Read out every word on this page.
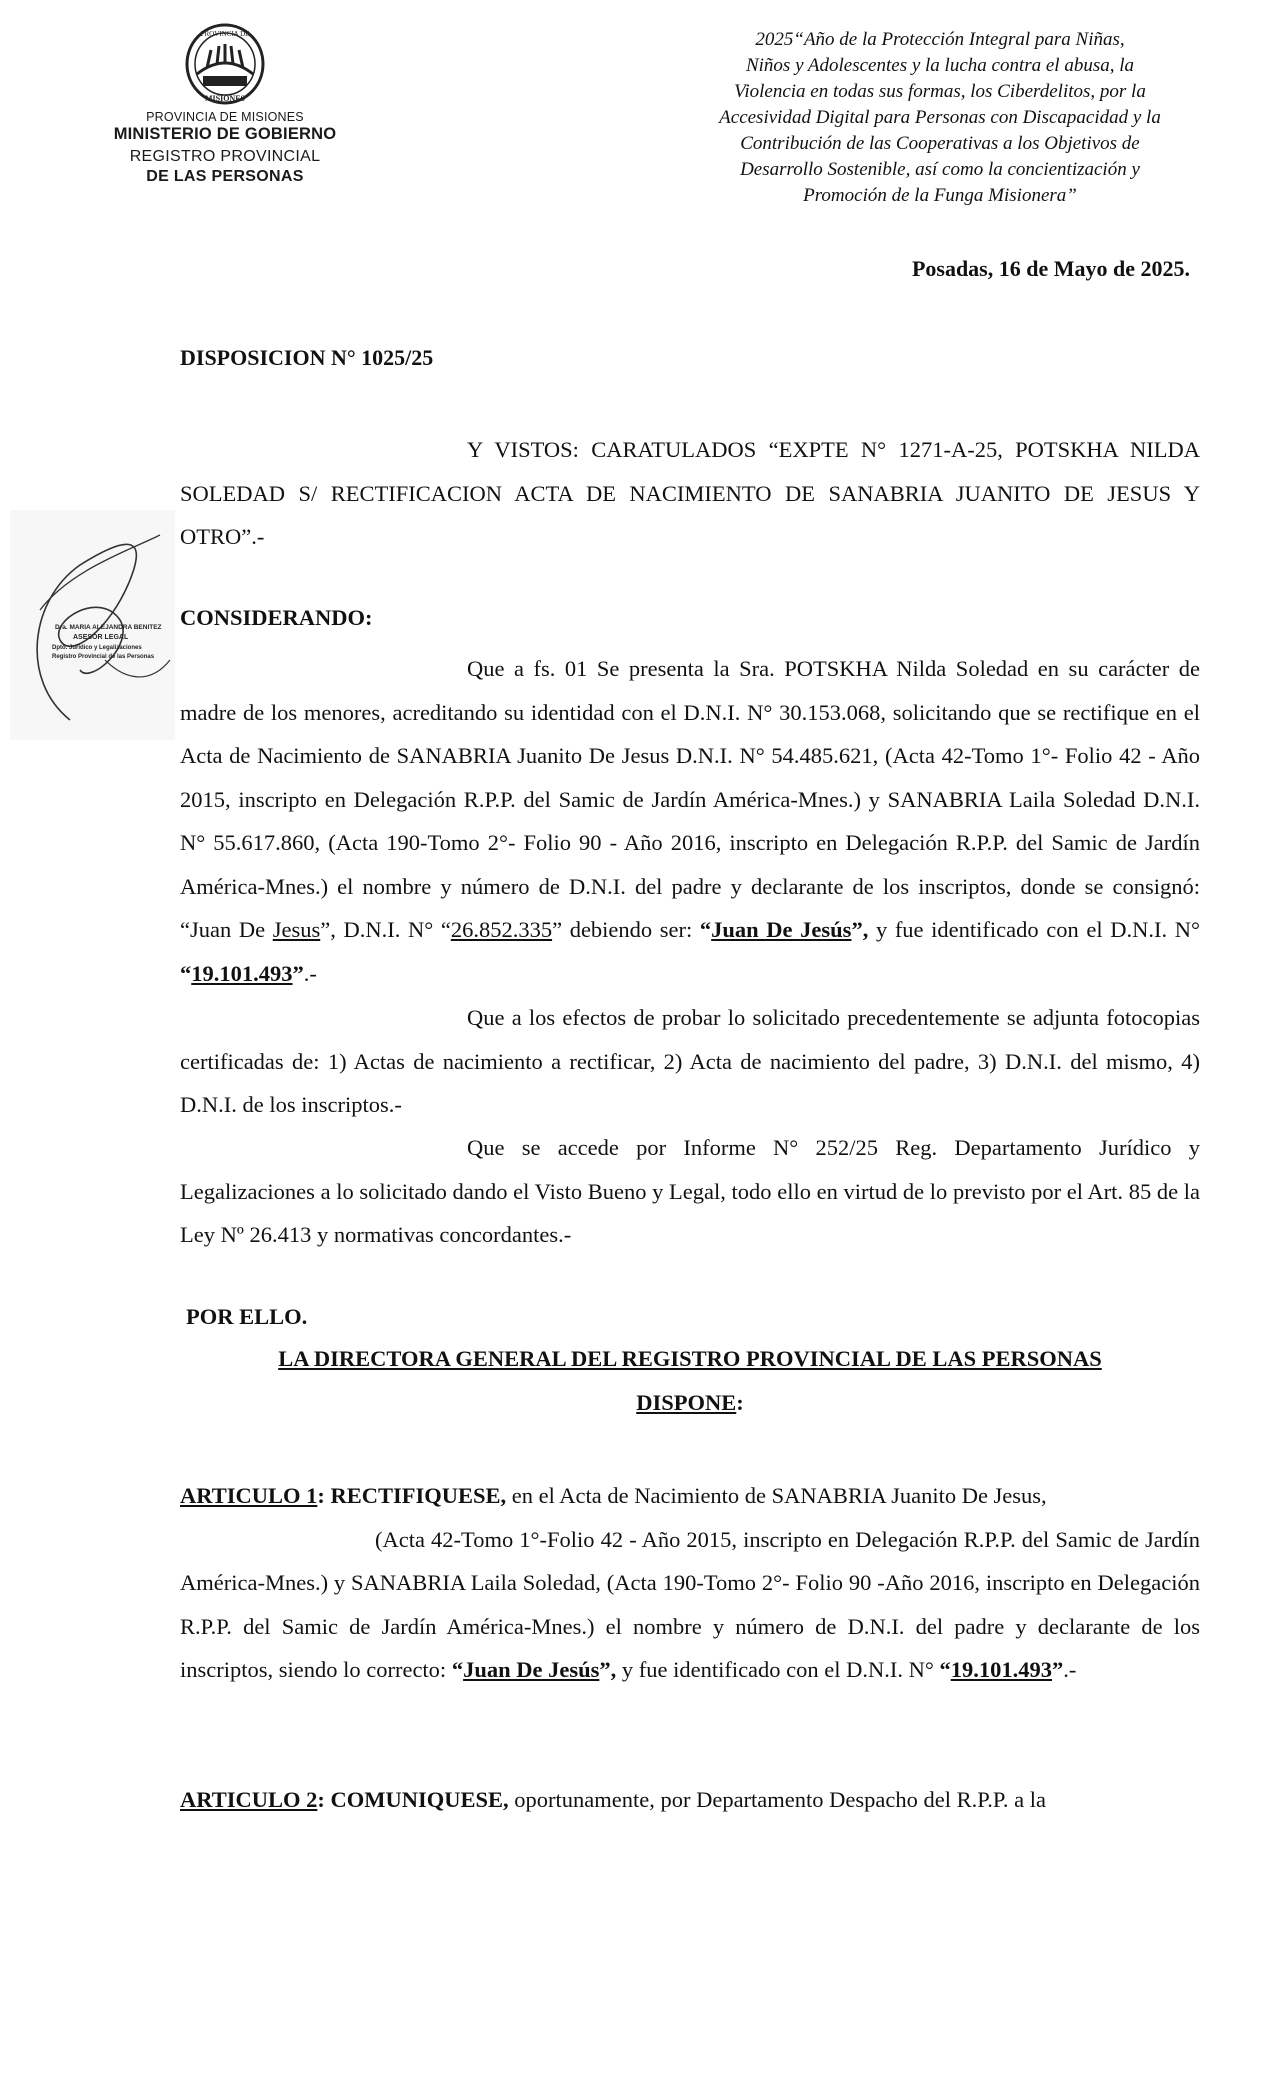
PROVINCIA DE
MISIONES
PROVINCIA DE MISIONES
MINISTERIO DE GOBIERNO
REGISTRO PROVINCIAL
DE LAS PERSONAS
2025“Año de la Protección Integral para Niñas,
Niños y Adolescentes y la lucha contra el abusa, la
Violencia en todas sus formas, los Ciberdelitos, por la
Accesividad Digital para Personas con Discapacidad y la
Contribución de las Cooperativas a los Objetivos de
Desarrollo Sostenible, así como la concientización y
Promoción de la Funga Misionera”
Posadas, 16 de Mayo de 2025.
DISPOSICION N° 1025/25
Y VISTOS: CARATULADOS “EXPTE N° 1271-A-25, POTSKHA NILDA SOLEDAD S/ RECTIFICACION ACTA DE NACIMIENTO DE SANABRIA JUANITO DE JESUS Y OTRO”.-
Dra. MARIA ALEJANDRA BENITEZ
ASESOR LEGAL
Dpto. Jurídico y Legalizaciones
Registro Provincial de las Personas
CONSIDERANDO:
Que a fs. 01 Se presenta la Sra. POTSKHA Nilda Soledad en su carácter de madre de los menores, acreditando su identidad con el D.N.I. N° 30.153.068, solicitando que se rectifique en el Acta de Nacimiento de SANABRIA Juanito De Jesus D.N.I. N° 54.485.621, (Acta 42-Tomo 1°- Folio 42 - Año 2015, inscripto en Delegación R.P.P. del Samic de Jardín América-Mnes.) y SANABRIA Laila Soledad D.N.I. N° 55.617.860, (Acta 190-Tomo 2°- Folio 90 - Año 2016, inscripto en Delegación R.P.P. del Samic de Jardín América-Mnes.) el nombre y número de D.N.I. del padre y declarante de los inscriptos, donde se consignó: “Juan De Jesus”, D.N.I. N° “26.852.335” debiendo ser: “Juan De Jesús”, y fue identificado con el D.N.I. N° “19.101.493”.-
Que a los efectos de probar lo solicitado precedentemente se adjunta fotocopias certificadas de: 1) Actas de nacimiento a rectificar, 2) Acta de nacimiento del padre, 3) D.N.I. del mismo, 4) D.N.I. de los inscriptos.-
Que se accede por Informe N° 252/25 Reg. Departamento Jurídico y Legalizaciones a lo solicitado dando el Visto Bueno y Legal, todo ello en virtud de lo previsto por el Art. 85 de la Ley Nº 26.413 y normativas concordantes.-
POR ELLO.
LA DIRECTORA GENERAL DEL REGISTRO PROVINCIAL DE LAS PERSONAS
DISPONE:
ARTICULO 1: RECTIFIQUESE, en el Acta de Nacimiento de SANABRIA Juanito De Jesus,
(Acta 42-Tomo 1°-Folio 42 - Año 2015, inscripto en Delegación R.P.P. del Samic de Jardín América-Mnes.) y SANABRIA Laila Soledad, (Acta 190-Tomo 2°- Folio 90 -Año 2016, inscripto en Delegación R.P.P. del Samic de Jardín América-Mnes.) el nombre y número de D.N.I. del padre y declarante de los inscriptos, siendo lo correcto: “Juan De Jesús”, y fue identificado con el D.N.I. N° “19.101.493”.-
ARTICULO 2: COMUNIQUESE, oportunamente, por Departamento Despacho del R.P.P. a la
